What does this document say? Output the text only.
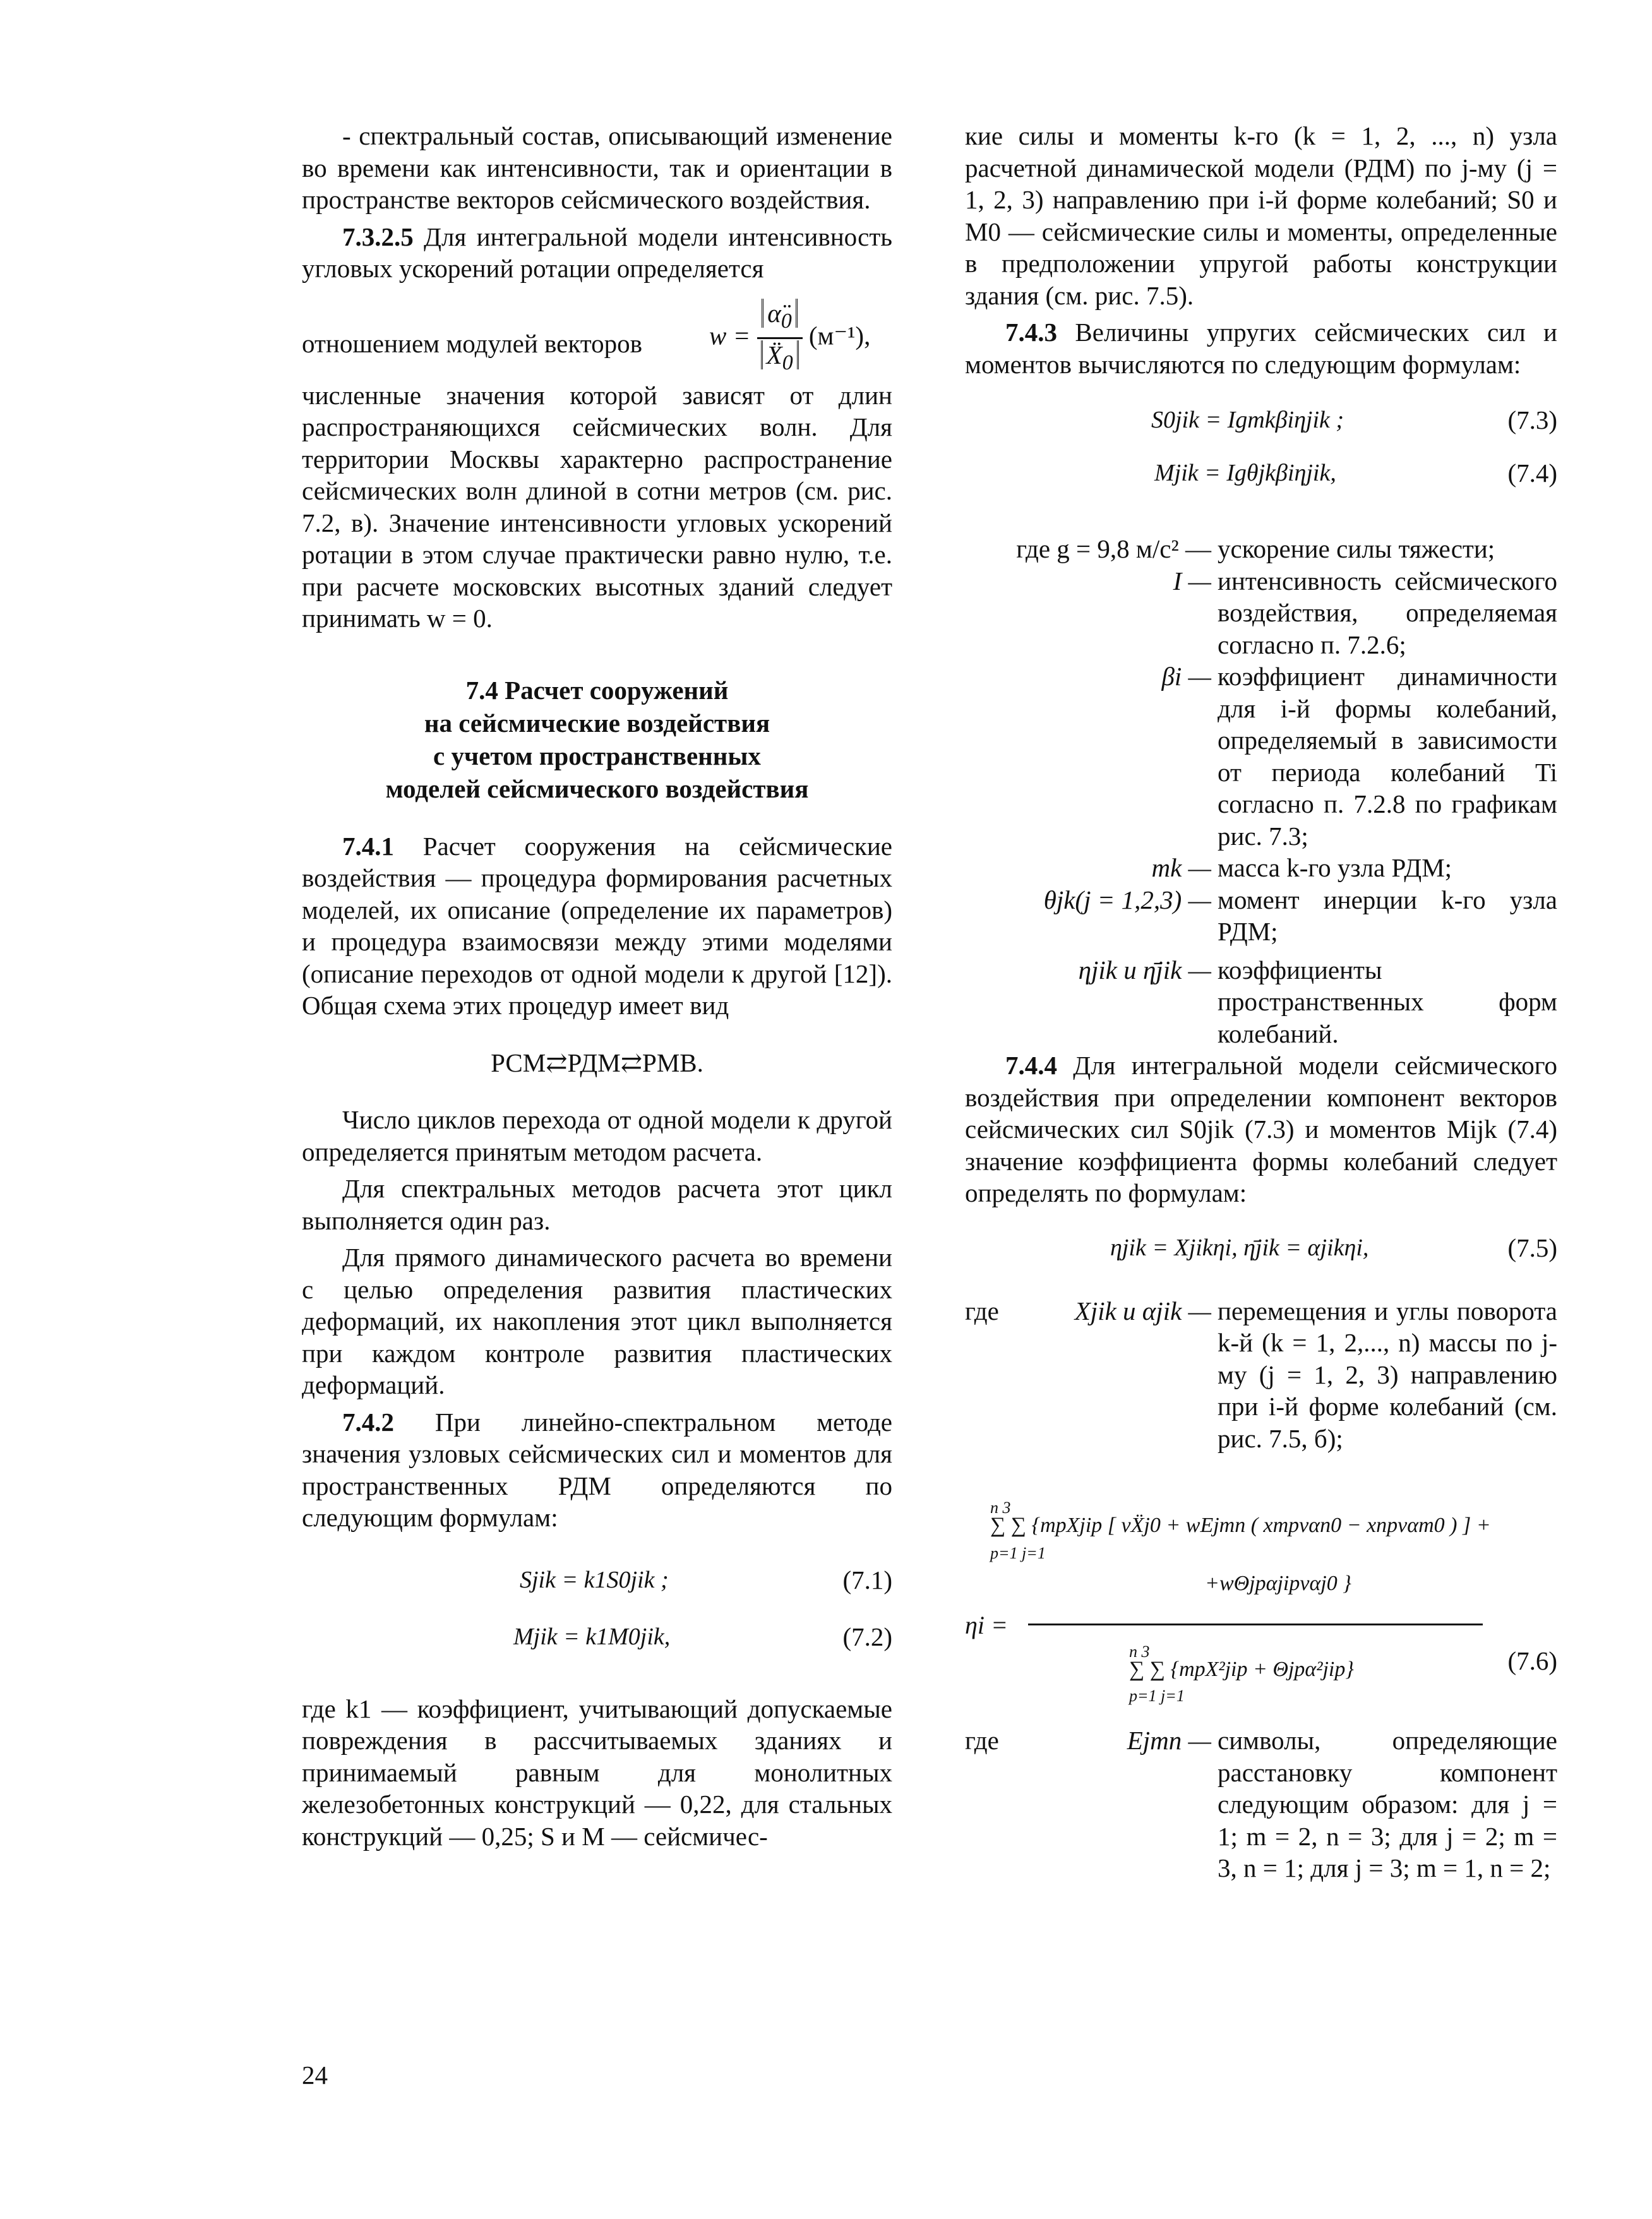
- спектральный состав, описывающий изменение во времени как интенсивности, так и ориентации в пространстве векторов сейсмического воздействия.

7.3.2.5 Для интегральной модели интенсивность угловых ускорений ротации определяется

отношением модулей векторов	$w = \frac{\alphä_0}{Ẍ_0} (м^{-1})$,

численные значения которой зависят от длин распространяющихся сейсмических волн. Для территории Москвы характерно распространение сейсмических волн длиной в сотни метров (см. рис. 7.2, в). Значение интенсивности угловых ускорений ротации в этом случае практически равно нулю, т.е. при расчете московских высотных зданий следует принимать w = 0.

7.4 Расчет сооружений
на сейсмические воздействия
с учетом пространственных
моделей сейсмического воздействия

7.4.1 Расчет сооружения на сейсмические воздействия — процедура формирования расчетных моделей, их описание (определение их параметров) и процедура взаимосвязи между этими моделями (описание переходов от одной модели к другой [12]). Общая схема этих процедур имеет вид

РСМ⇄РДМ⇄РМВ.

Число циклов перехода от одной модели к другой определяется принятым методом расчета.

Для спектральных методов расчета этот цикл выполняется один раз.

Для прямого динамического расчета во времени с целью определения развития пластических деформаций, их накопления этот цикл выполняется при каждом контроле развития пластических деформаций.

7.4.2 При линейно-спектральном методе значения узловых сейсмических сил и моментов для пространственных РДМ определяются по следующим формулам:

Sjik = k1S0jik ;	(7.1)
Mjik = k1M0jik,	(7.2)

где k1 — коэффициент, учитывающий допускаемые повреждения в рассчитываемых зданиях и принимаемый равным для монолитных железобетонных конструкций — 0,22, для стальных конструкций — 0,25; S и M — сейсмичес-

кие силы и моменты k-го (k = 1, 2, ..., n) узла расчетной динамической модели (РДМ) по j-му (j = 1, 2, 3) направлению при i-й форме колебаний; S0 и M0 — сейсмические силы и моменты, определенные в предположении упругой работы конструкции здания (см. рис. 7.5).

7.4.3 Величины упругих сейсмических сил и моментов вычисляются по следующим формулам:

S0jik = Igmkβiηjik ;	(7.3)
Mjik = Igθjkβiηjik,	(7.4)
где g = 9,8 м/с² — ускорение силы тяжести;
I — интенсивность сейсмического воздействия, определяемая согласно п. 7.2.6;
βi — коэффициент динамичности для i-й формы колебаний, определяемый в зависимости от периода колебаний Ti согласно п. 7.2.8 по графикам рис. 7.3;
mk — масса k-го узла РДМ;
θjk(j = 1,2,3) — момент инерции k-го узла РДМ;
ηjik и η̄jik — коэффициенты пространственных форм колебаний.

7.4.4 Для интегральной модели сейсмического воздействия при определении компонент векторов сейсмических сил S0jik (7.3) и моментов Mijk (7.4) значение коэффициента формы колебаний следует определять по формулам:

ηjik = Xjikηi, η̄jik = αjikηi,	(7.5)
где	Xjik и αjik — перемещения и углы поворота k-й (k = 1, 2,..., n) массы по j-му (j = 1, 2, 3) направлению при i-й форме колебаний (см. рис. 7.5, б);
n 3
p=1 j=1
∑ ∑ {mpXjip [ νẌj0 + wEjmn ( xmpναn0 − xnpναm0 ) ] +
+wΘjpαjipναj0 }
ηi =
n 3
p=1 j=1
∑ ∑ {mpX²jip + Θjpα²jip}	(7.6)
где	Ejmn — символы, определяющие расстановку компонент следующим образом: для j = 1; m = 2, n = 3; для j = 2; m = 3, n = 1; для j = 3; m = 1, n = 2;
24
